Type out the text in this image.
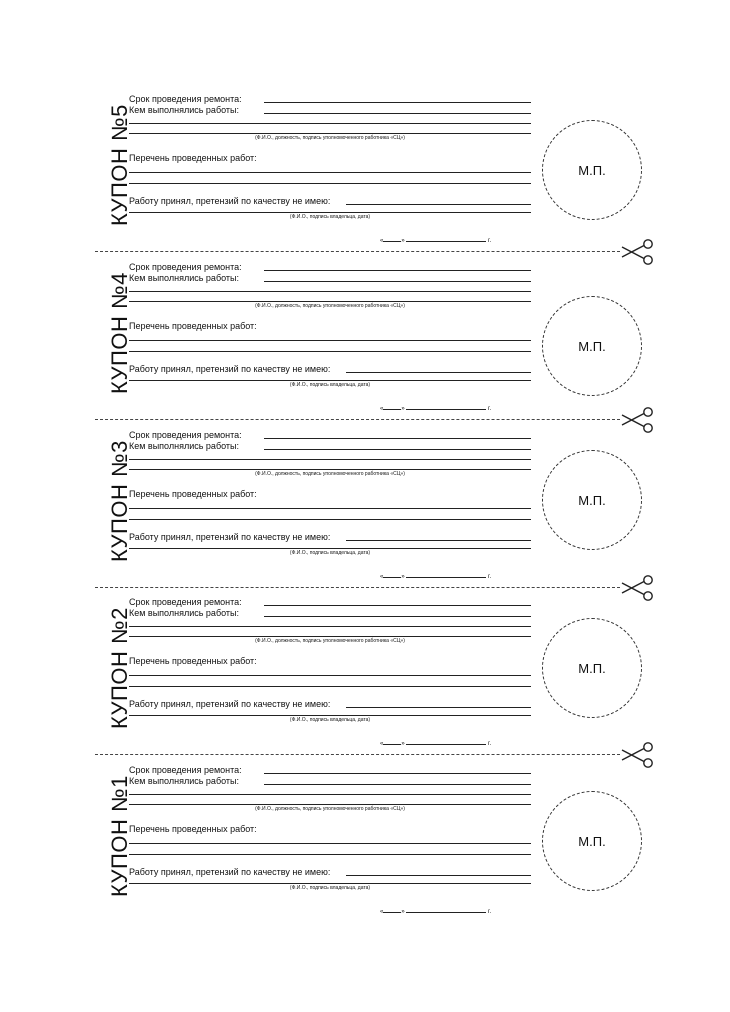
КУПОН №5
Срок проведения ремонта:
Кем выполнялись работы:
(Ф.И.О., должность, подпись уполномоченного работника «СЦ»)
Перечень проведенных работ:
Работу принял, претензий по качеству не имею:
(Ф.И.О., подпись владельца, дата)
«	»	г.
М.П.
КУПОН №4
Срок проведения ремонта:
Кем выполнялись работы:
(Ф.И.О., должность, подпись уполномоченного работника «СЦ»)
Перечень проведенных работ:
Работу принял, претензий по качеству не имею:
(Ф.И.О., подпись владельца, дата)
«	»	г.
М.П.
КУПОН №3
Срок проведения ремонта:
Кем выполнялись работы:
(Ф.И.О., должность, подпись уполномоченного работника «СЦ»)
Перечень проведенных работ:
Работу принял, претензий по качеству не имею:
(Ф.И.О., подпись владельца, дата)
«	»	г.
М.П.
КУПОН №2
Срок проведения ремонта:
Кем выполнялись работы:
(Ф.И.О., должность, подпись уполномоченного работника «СЦ»)
Перечень проведенных работ:
Работу принял, претензий по качеству не имею:
(Ф.И.О., подпись владельца, дата)
«	»	г.
М.П.
КУПОН №1
Срок проведения ремонта:
Кем выполнялись работы:
(Ф.И.О., должность, подпись уполномоченного работника «СЦ»)
Перечень проведенных работ:
Работу принял, претензий по качеству не имею:
(Ф.И.О., подпись владельца, дата)
«	»	г.
М.П.
